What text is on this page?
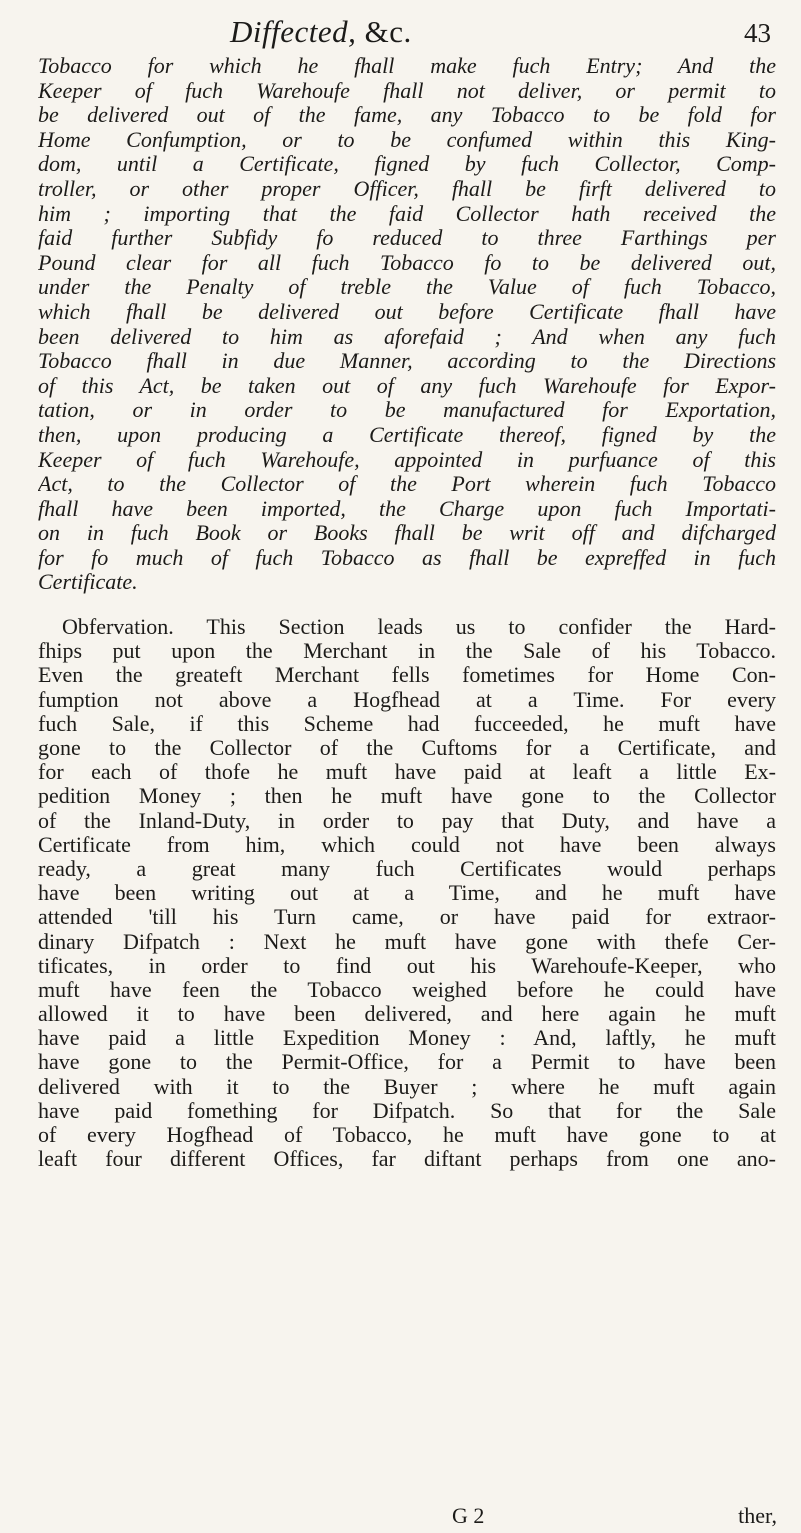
Diffected, &c.	43
Tobacco for which he fhall make fuch Entry; And the
Keeper of fuch Warehoufe fhall not deliver, or permit to
be delivered out of the fame, any Tobacco to be fold for
Home Confumption, or to be confumed within this King-
dom, until a Certificate, figned by fuch Collector, Comp-
troller, or other proper Officer, fhall be firft delivered to
him ; importing that the faid Collector hath received the
faid further Subfidy fo reduced to three Farthings per
Pound clear for all fuch Tobacco fo to be delivered out,
under the Penalty of treble the Value of fuch Tobacco,
which fhall be delivered out before Certificate fhall have
been delivered to him as aforefaid ; And when any fuch
Tobacco fhall in due Manner, according to the Directions
of this Act, be taken out of any fuch Warehoufe for Expor-
tation, or in order to be manufactured for Exportation,
then, upon producing a Certificate thereof, figned by the
Keeper of fuch Warehoufe, appointed in purfuance of this
Act, to the Collector of the Port wherein fuch Tobacco
fhall have been imported, the Charge upon fuch Importati-
on in fuch Book or Books fhall be writ off and difcharged
for fo much of fuch Tobacco as fhall be expreffed in fuch
Certificate.
Obfervation. This Section leads us to confider the Hard-
fhips put upon the Merchant in the Sale of his Tobacco.
Even the greateft Merchant fells fometimes for Home Con-
fumption not above a Hogfhead at a Time. For every
fuch Sale, if this Scheme had fucceeded, he muft have
gone to the Collector of the Cuftoms for a Certificate, and
for each of thofe he muft have paid at leaft a little Ex-
pedition Money ; then he muft have gone to the Collector
of the Inland-Duty, in order to pay that Duty, and have a
Certificate from him, which could not have been always
ready, a great many fuch Certificates would perhaps
have been writing out at a Time, and he muft have
attended 'till his Turn came, or have paid for extraor-
dinary Difpatch : Next he muft have gone with thefe Cer-
tificates, in order to find out his Warehoufe-Keeper, who
muft have feen the Tobacco weighed before he could have
allowed it to have been delivered, and here again he muft
have paid a little Expedition Money : And, laftly, he muft
have gone to the Permit-Office, for a Permit to have been
delivered with it to the Buyer ; where he muft again
have paid fomething for Difpatch. So that for the Sale
of every Hogfhead of Tobacco, he muft have gone to at
leaft four different Offices, far diftant perhaps from one ano-
G 2	ther,
